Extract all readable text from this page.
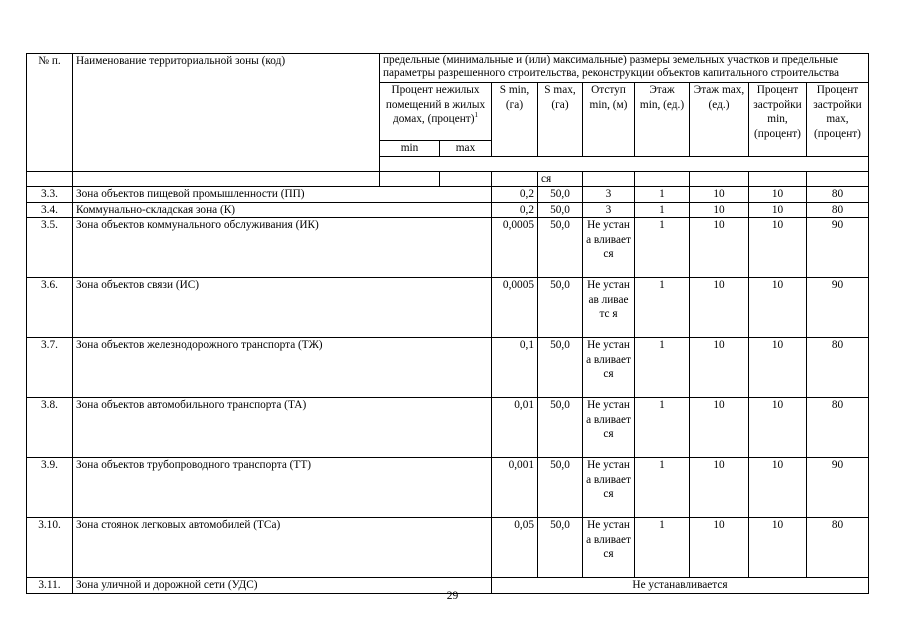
№ п.	Наименование территориальной зоны (код)	предельные (минимальные и (или) максимальные) размеры земельных участков и предельные параметры разрешенного строительства, реконструкции объектов капитального строительства								
		Процент нежилых помещений в жилых домах, (процент)$^1$		S min, (га)	S max, (га)	Отступ min, (м)	Этаж min, (ед.)	Этаж max, (ед.)	Процент застройки min, (процент)	Процент застройки max, (процент)
		min	max							

					ся					
3.3.	Зона объектов пищевой промышленности (ПП)			0,2	50,0	3	1	10	10	80
3.4.	Коммунально-складская зона (К)			0,2	50,0	3	1	10	10	80
3.5.	Зона объектов коммунального обслуживания (ИК)			0,0005	50,0	Не устана вливает ся	1	10	10	90
3.6.	Зона объектов связи (ИС)			0,0005	50,0	Не устанав ливаетс я	1	10	10	90
3.7.	Зона объектов железнодорожного транспорта (ТЖ)			0,1	50,0	Не устана вливает ся	1	10	10	80
3.8.	Зона объектов автомобильного транспорта (ТА)			0,01	50,0	Не устана вливает ся	1	10	10	80
3.9.	Зона объектов трубопроводного транспорта (ТТ)			0,001	50,0	Не устана вливает ся	1	10	10	90
3.10.	Зона стоянок легковых автомобилей (ТСа)			0,05	50,0	Не устана вливает ся	1	10	10	80
3.11.	Зона уличной и дорожной сети (УДС)			Не устанавливается						
29
